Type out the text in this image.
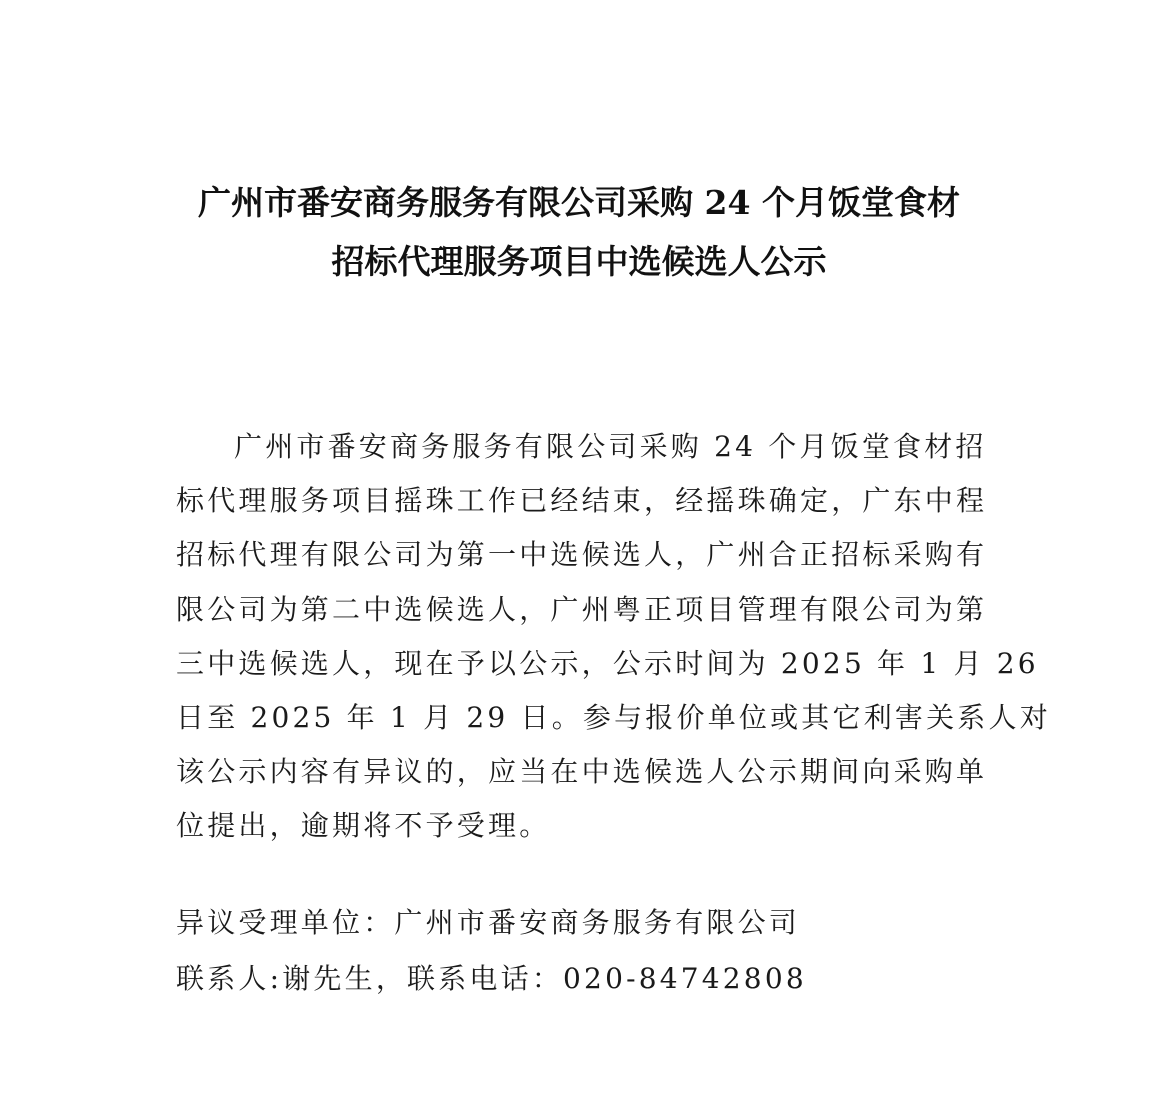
广州市番安商务服务有限公司采购 24 个月饭堂食材
招标代理服务项目中选候选人公示
广州市番安商务服务有限公司采购 24 个月饭堂食材招
标代理服务项目摇珠工作已经结束，经摇珠确定，广东中程
招标代理有限公司为第一中选候选人，广州合正招标采购有
限公司为第二中选候选人，广州粤正项目管理有限公司为第
三中选候选人，现在予以公示，公示时间为 2025 年 1 月 26
日至 2025 年 1 月 29 日。参与报价单位或其它利害关系人对
该公示内容有异议的，应当在中选候选人公示期间向采购单
位提出，逾期将不予受理。
异议受理单位：广州市番安商务服务有限公司
联系人:谢先生，联系电话：020-84742808
